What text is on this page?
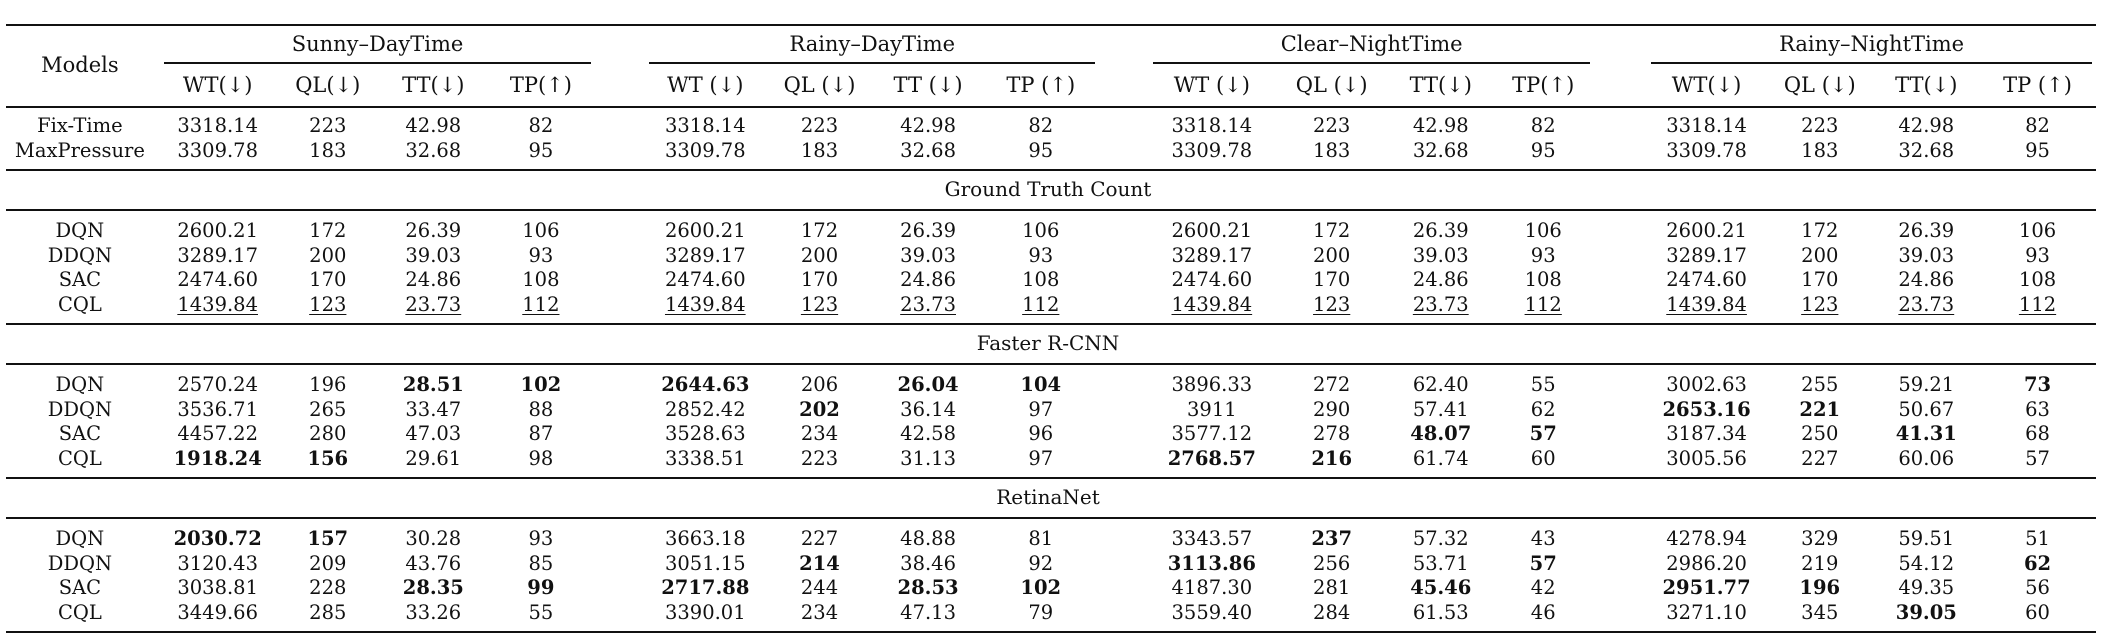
Models	Sunny–DayTime					Rainy–DayTime					Clear–NightTime					Rainy–NightTime			
	WT(↓)	QL(↓)	TT(↓)	TP(↑)		WT (↓)	QL (↓)	TT (↓)	TP (↑)		WT (↓)	QL (↓)	TT(↓)	TP(↑)		WT(↓)	QL (↓)	TT(↓)	TP (↑)

Fix-Time	3318.14	223	42.98	82		3318.14	223	42.98	82		3318.14	223	42.98	82		3318.14	223	42.98	82
MaxPressure	3309.78	183	32.68	95		3309.78	183	32.68	95		3309.78	183	32.68	95		3309.78	183	32.68	95

Ground Truth Count																			

DQN	2600.21	172	26.39	106		2600.21	172	26.39	106		2600.21	172	26.39	106		2600.21	172	26.39	106
DDQN	3289.17	200	39.03	93		3289.17	200	39.03	93		3289.17	200	39.03	93		3289.17	200	39.03	93
SAC	2474.60	170	24.86	108		2474.60	170	24.86	108		2474.60	170	24.86	108		2474.60	170	24.86	108
CQL	1439.84	123	23.73	112		1439.84	123	23.73	112		1439.84	123	23.73	112		1439.84	123	23.73	112

Faster R-CNN																			

DQN	2570.24	196	28.51	102		2644.63	206	26.04	104		3896.33	272	62.40	55		3002.63	255	59.21	73
DDQN	3536.71	265	33.47	88		2852.42	202	36.14	97		3911	290	57.41	62		2653.16	221	50.67	63
SAC	4457.22	280	47.03	87		3528.63	234	42.58	96		3577.12	278	48.07	57		3187.34	250	41.31	68
CQL	1918.24	156	29.61	98		3338.51	223	31.13	97		2768.57	216	61.74	60		3005.56	227	60.06	57

RetinaNet																			

DQN	2030.72	157	30.28	93		3663.18	227	48.88	81		3343.57	237	57.32	43		4278.94	329	59.51	51
DDQN	3120.43	209	43.76	85		3051.15	214	38.46	92		3113.86	256	53.71	57		2986.20	219	54.12	62
SAC	3038.81	228	28.35	99		2717.88	244	28.53	102		4187.30	281	45.46	42		2951.77	196	49.35	56
CQL	3449.66	285	33.26	55		3390.01	234	47.13	79		3559.40	284	61.53	46		3271.10	345	39.05	60
